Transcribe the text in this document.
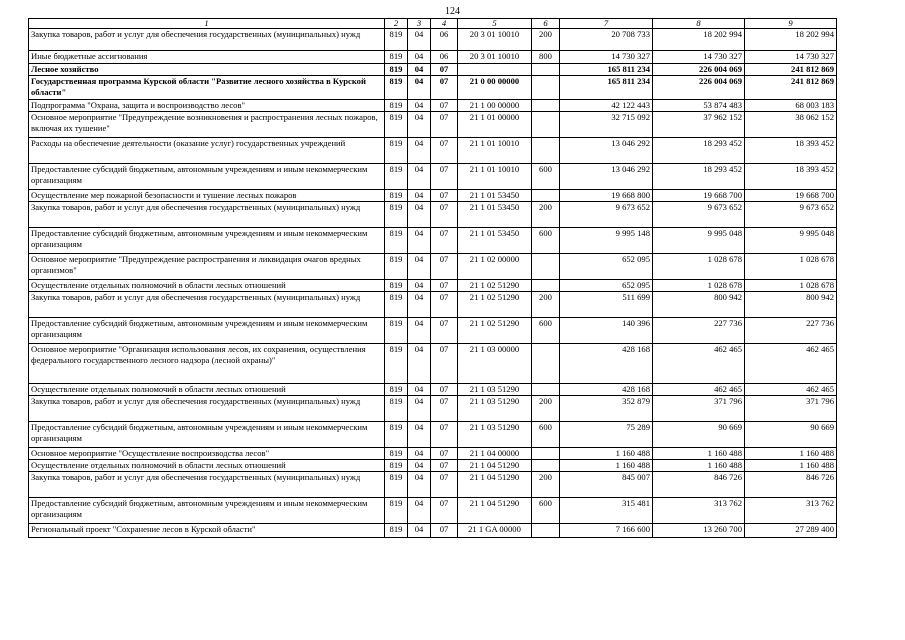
124
1	2	3	4	5	6	7	8	9
Закупка товаров, работ и услуг для обеспечения государственных (муниципальных) нужд	819	04	06	20 3 01 10010	200	20 708 733	18 202 994	18 202 994
Иные бюджетные ассигнования	819	04	06	20 3 01 10010	800	14 730 327	14 730 327	14 730 327
Лесное хозяйство	819	04	07			165 811 234	226 004 069	241 812 869
Государственная программа Курской области "Развитие лесного хозяйства в Курской области"	819	04	07	21 0 00 00000		165 811 234	226 004 069	241 812 869
Подпрограмма "Охрана, защита и воспроизводство лесов"	819	04	07	21 1 00 00000		42 122 443	53 874 483	68 003 183
Основное мероприятие "Предупреждение возникновения и распространения лесных пожаров, включая их тушение"	819	04	07	21 1 01 00000		32 715 092	37 962 152	38 062 152
Расходы на обеспечение деятельности (оказание услуг) государственных учреждений	819	04	07	21 1 01 10010		13 046 292	18 293 452	18 393 452
Предоставление субсидий бюджетным, автономным учреждениям и иным некоммерческим организациям	819	04	07	21 1 01 10010	600	13 046 292	18 293 452	18 393 452
Осуществление мер пожарной безопасности и тушение лесных пожаров	819	04	07	21 1 01 53450		19 668 800	19 668 700	19 668 700
Закупка товаров, работ и услуг для обеспечения государственных (муниципальных) нужд	819	04	07	21 1 01 53450	200	9 673 652	9 673 652	9 673 652
Предоставление субсидий бюджетным, автономным учреждениям и иным некоммерческим организациям	819	04	07	21 1 01 53450	600	9 995 148	9 995 048	9 995 048
Основное мероприятие "Предупреждение распространения и ликвидация очагов вредных организмов"	819	04	07	21 1 02 00000		652 095	1 028 678	1 028 678
Осуществление отдельных полномочий в области лесных отношений	819	04	07	21 1 02 51290		652 095	1 028 678	1 028 678
Закупка товаров, работ и услуг для обеспечения государственных (муниципальных) нужд	819	04	07	21 1 02 51290	200	511 699	800 942	800 942
Предоставление субсидий бюджетным, автономным учреждениям и иным некоммерческим организациям	819	04	07	21 1 02 51290	600	140 396	227 736	227 736
Основное мероприятие "Организация использования лесов, их сохранения, осуществления федерального государственного лесного надзора (лесной охраны)"	819	04	07	21 1 03 00000		428 168	462 465	462 465
Осуществление отдельных полномочий в области лесных отношений	819	04	07	21 1 03 51290		428 168	462 465	462 465
Закупка товаров, работ и услуг для обеспечения государственных (муниципальных) нужд	819	04	07	21 1 03 51290	200	352 879	371 796	371 796
Предоставление субсидий бюджетным, автономным учреждениям и иным некоммерческим организациям	819	04	07	21 1 03 51290	600	75 289	90 669	90 669
Основное мероприятие "Осуществление воспроизводства лесов"	819	04	07	21 1 04 00000		1 160 488	1 160 488	1 160 488
Осуществление отдельных полномочий в области лесных отношений	819	04	07	21 1 04 51290		1 160 488	1 160 488	1 160 488
Закупка товаров, работ и услуг для обеспечения государственных (муниципальных) нужд	819	04	07	21 1 04 51290	200	845 007	846 726	846 726
Предоставление субсидий бюджетным, автономным учреждениям и иным некоммерческим организациям	819	04	07	21 1 04 51290	600	315 481	313 762	313 762
Региональный проект "Сохранение лесов в Курской области"	819	04	07	21 1 GA 00000		7 166 600	13 260 700	27 289 400
